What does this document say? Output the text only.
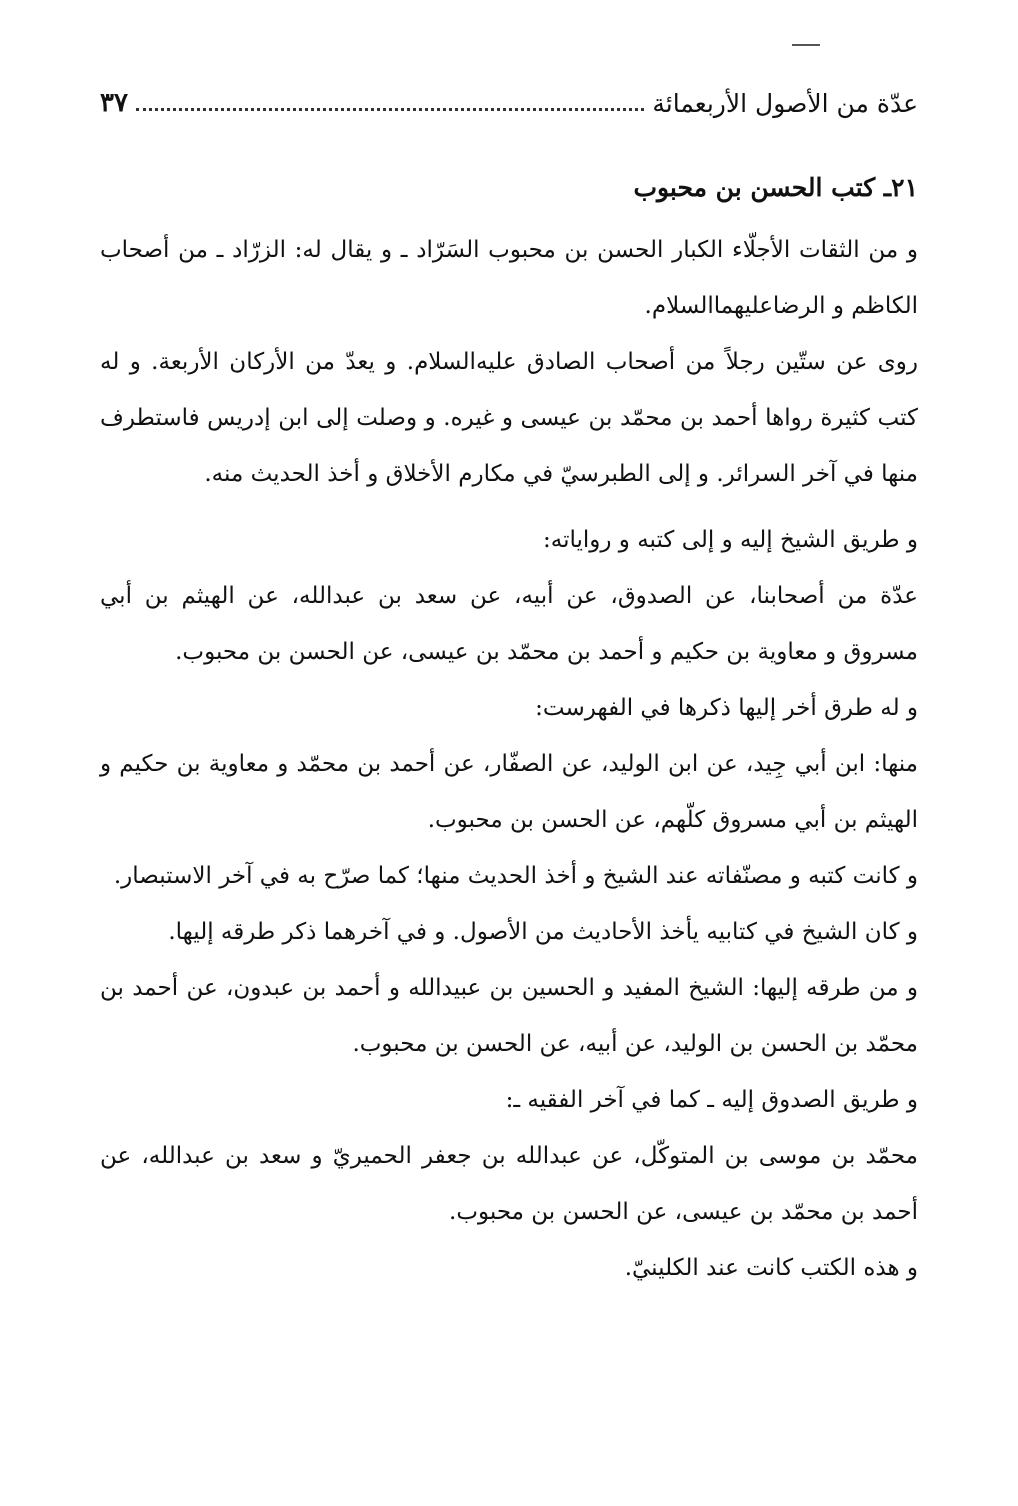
عدّة من الأصول الأربعمائة
٣٧
٢١ـ كتب الحسن بن محبوب

و من الثقات الأجلّاء الكبار الحسن بن محبوب السَرّاد ـ و يقال له: الزرّاد ـ من أصحاب الكاظم و الرضاعليهما‌السلام.

روى عن ستّين رجلاً من أصحاب الصادق عليه‌السلام. و يعدّ من الأركان الأربعة. و له كتب كثيرة رواها أحمد بن محمّد بن عيسى و غيره. و وصلت إلى ابن إدريس فاستطرف منها في آخر السرائر. و إلى الطبرسيّ في مكارم الأخلاق و أخذ الحديث منه.

و طريق الشيخ إليه و إلى كتبه و رواياته:

عدّة من أصحابنا، عن الصدوق، عن أبيه، عن سعد بن عبدالله، عن الهيثم بن أبي مسروق و معاوية بن حكيم و أحمد بن محمّد بن عيسى، عن الحسن بن محبوب.

و له طرق أخر إليها ذكرها في الفهرست:

منها: ابن أبي جِيد، عن ابن الوليد، عن الصفّار، عن أحمد بن محمّد و معاوية بن حكيم و الهيثم بن أبي مسروق كلّهم، عن الحسن بن محبوب.

و كانت كتبه و مصنّفاته عند الشيخ و أخذ الحديث منها؛ كما صرّح به في آخر الاستبصار.

و كان الشيخ في كتابيه يأخذ الأحاديث من الأصول. و في آخرهما ذكر طرقه إليها.

و من طرقه إليها: الشيخ المفيد و الحسين بن عبيدالله و أحمد بن عبدون، عن أحمد بن محمّد بن الحسن بن الوليد، عن أبيه، عن الحسن بن محبوب.

و طريق الصدوق إليه ـ كما في آخر الفقيه ـ:

محمّد بن موسى بن المتوكّل، عن عبدالله بن جعفر الحميريّ و سعد بن عبدالله، عن أحمد بن محمّد بن عيسى، عن الحسن بن محبوب.

و هذه الكتب كانت عند الكلينيّ.
